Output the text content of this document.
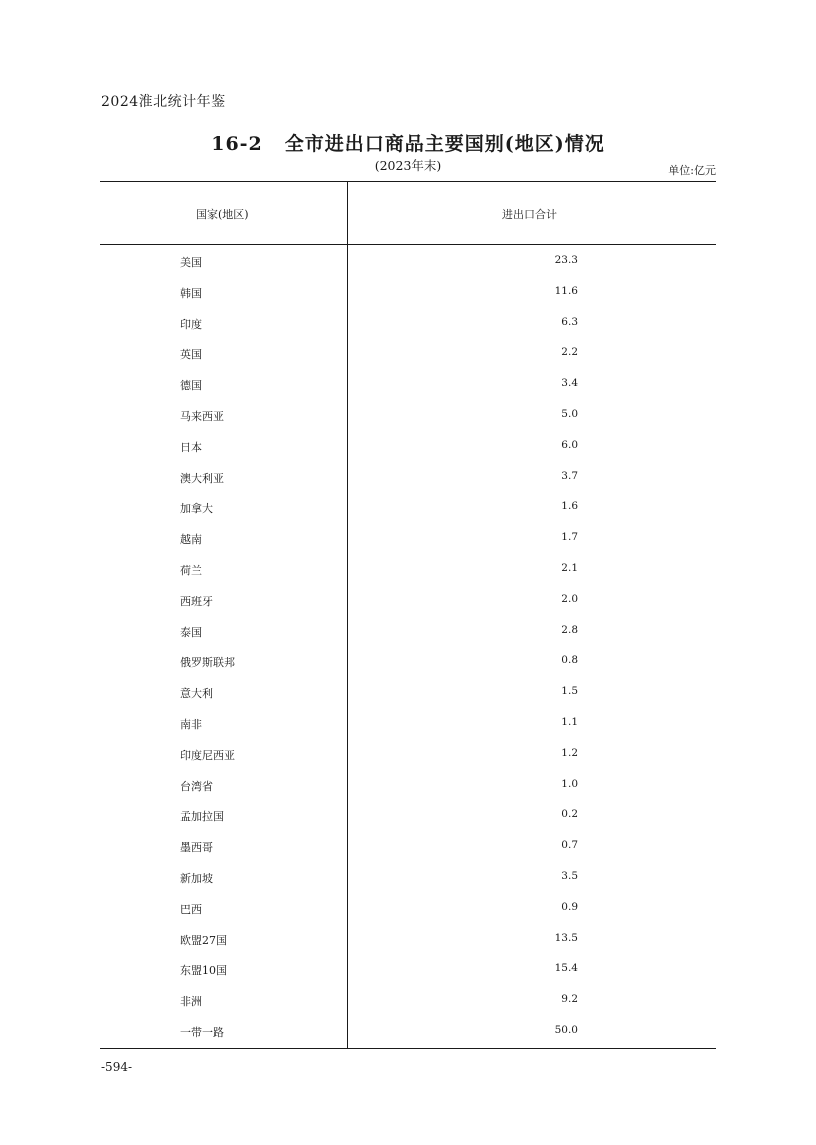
2024淮北统计年鉴
16-2 全市进出口商品主要国别(地区)情况
(2023年末)	单位:亿元
国家(地区)	进出口合计
美国	23.3
韩国	11.6
印度	6.3
英国	2.2
德国	3.4
马来西亚	5.0
日本	6.0
澳大利亚	3.7
加拿大	1.6
越南	1.7
荷兰	2.1
西班牙	2.0
泰国	2.8
俄罗斯联邦	0.8
意大利	1.5
南非	1.1
印度尼西亚	1.2
台湾省	1.0
孟加拉国	0.2
墨西哥	0.7
新加坡	3.5
巴西	0.9
欧盟27国	13.5
东盟10国	15.4
非洲	9.2
一带一路	50.0
-594-
